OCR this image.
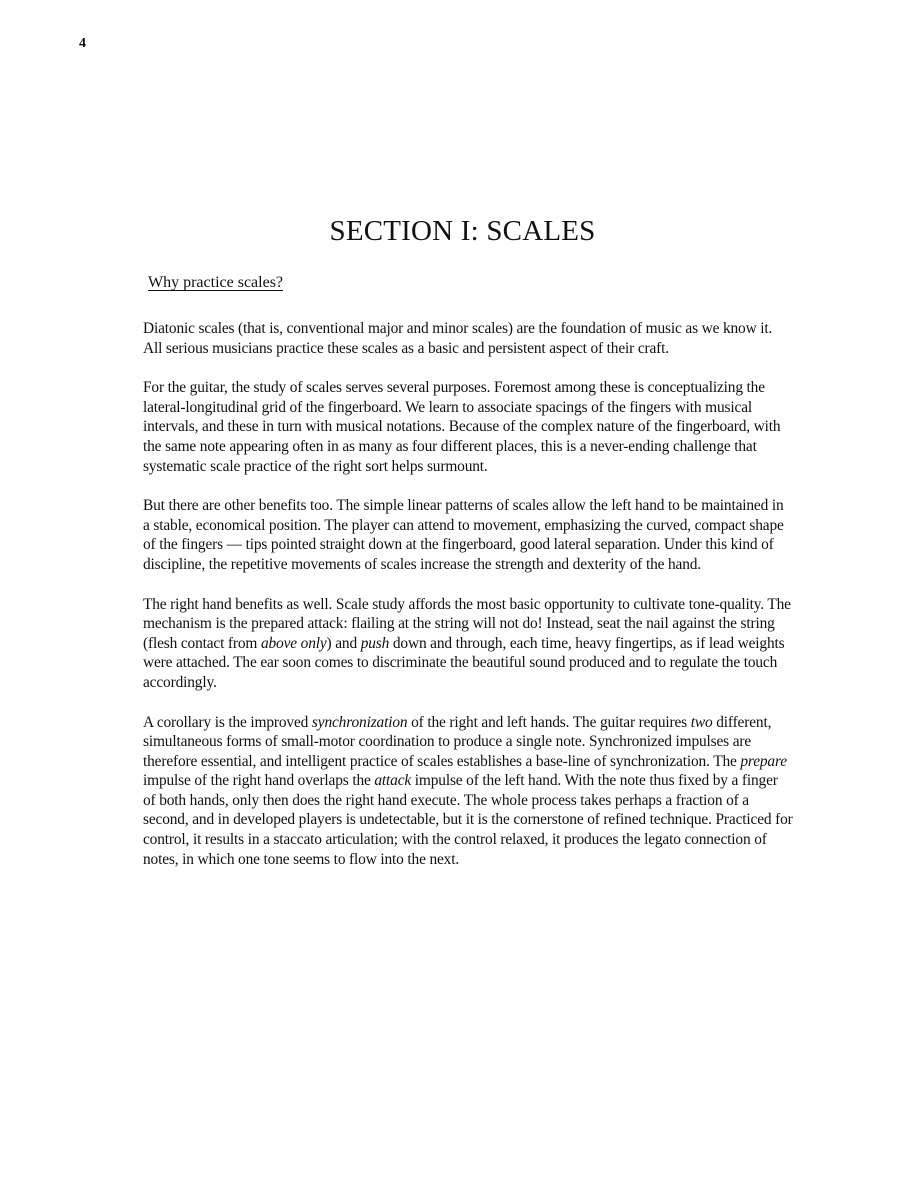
4
SECTION I: SCALES
Why practice scales?

Diatonic scales (that is, conventional major and minor scales) are the foundation of music as we know it. All serious musicians practice these scales as a basic and persistent aspect of their craft.

For the guitar, the study of scales serves several purposes. Foremost among these is conceptualizing the lateral-longitudinal grid of the fingerboard. We learn to associate spacings of the fingers with musical intervals, and these in turn with musical notations. Because of the complex nature of the fingerboard, with the same note appearing often in as many as four different places, this is a never-ending challenge that systematic scale practice of the right sort helps surmount.

But there are other benefits too. The simple linear patterns of scales allow the left hand to be maintained in a stable, economical position. The player can attend to movement, emphasizing the curved, compact shape of the fingers — tips pointed straight down at the fingerboard, good lateral separation. Under this kind of discipline, the repetitive movements of scales increase the strength and dexterity of the hand.

The right hand benefits as well. Scale study affords the most basic opportunity to cultivate tone-quality. The mechanism is the prepared attack: flailing at the string will not do! Instead, seat the nail against the string (flesh contact from above only) and push down and through, each time, heavy fingertips, as if lead weights were attached. The ear soon comes to discriminate the beautiful sound produced and to regulate the touch accordingly.

A corollary is the improved synchronization of the right and left hands. The guitar requires two different, simultaneous forms of small-motor coordination to produce a single note. Synchronized impulses are therefore essential, and intelligent practice of scales establishes a base-line of synchronization. The prepare impulse of the right hand overlaps the attack impulse of the left hand. With the note thus fixed by a finger of both hands, only then does the right hand execute. The whole process takes perhaps a fraction of a second, and in developed players is undetectable, but it is the cornerstone of refined technique. Practiced for control, it results in a staccato articulation; with the control relaxed, it produces the legato connection of notes, in which one tone seems to flow into the next.
